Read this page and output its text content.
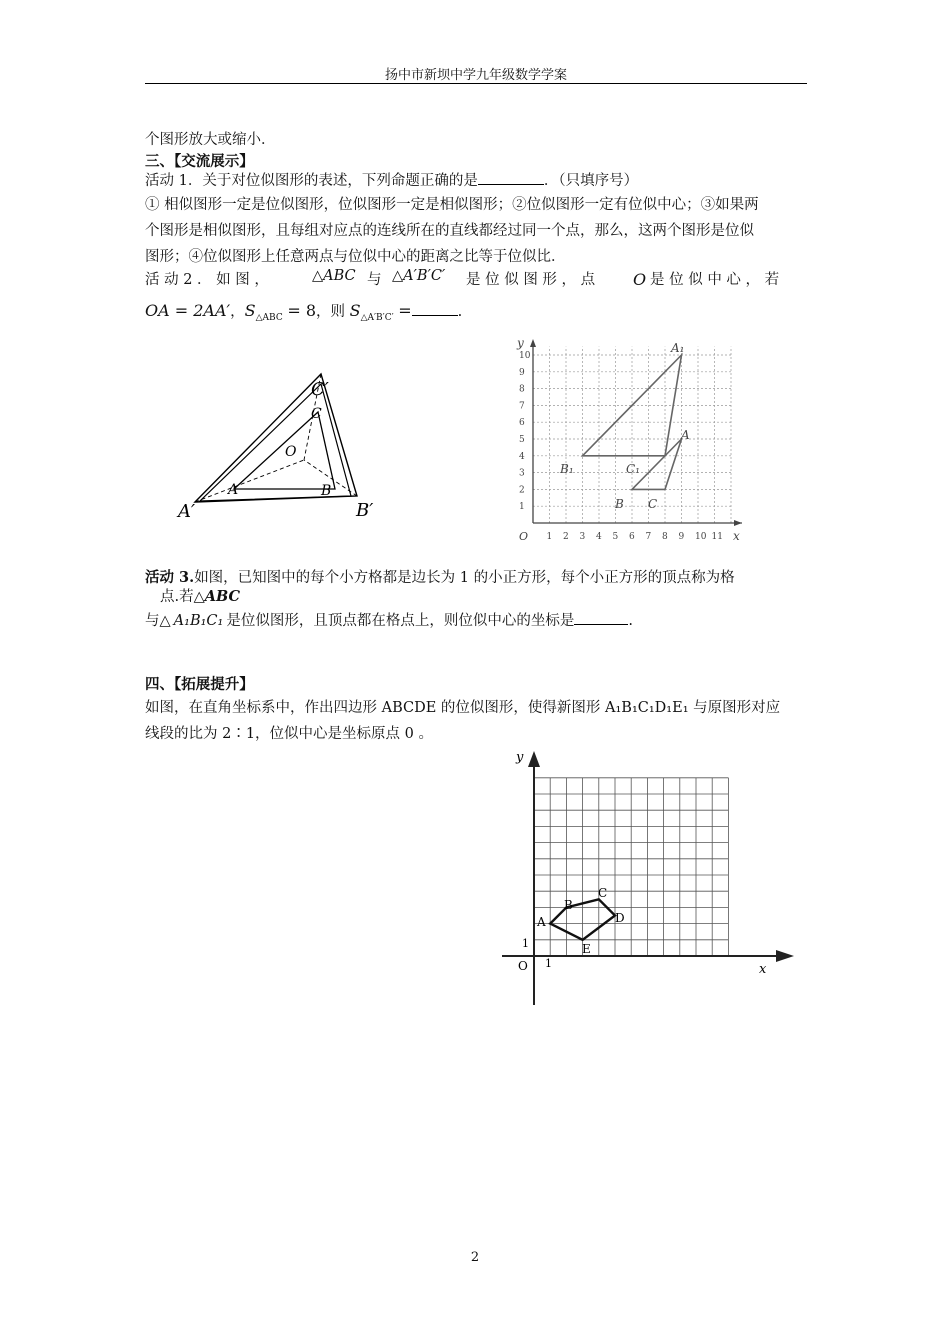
扬中市新坝中学九年级数学学案
个图形放大或缩小．
三、【交流展示】
活动 1．关于对位似图形的表述，下列命题正确的是	．（只填序号）
① 相似图形一定是位似图形，位似图形一定是相似图形；②位似图形一定有位似中心；③如果两
个图形是相似图形，且每组对应点的连线所在的直线都经过同一个点，那么，这两个图形是位似
图形；④位似图形上任意两点与位似中心的距离之比等于位似比．
活 动 2 ． 如 图 ，	△ABC 与 △A′B′C′ 是 位 似 图 形 ， 点 O 是 位 似 中 心 ， 若
OA = 2AA′，$S_{\triangle ABC} = 8$，则 $S_{\triangle A'B'C'}$ =	.
A	B
C
O
A′	B′
C′
y
x
O 1 2 3 4 5 6 7 8 9 10 11
1
2
3
4
5
6
7
8
9
10
A₁
B₁	C₁
A
B C
活动 3.如图，已知图中的每个小方格都是边长为 1 的小正方形，每个小正方形的顶点称为格
点.若△ABC
与△ A₁B₁C₁ 是位似图形，且顶点都在格点上，则位似中心的坐标是	.
四、【拓展提升】
如图，在直角坐标系中，作出四边形 ABCDE 的位似图形，使得新图形 A₁B₁C₁D₁E₁ 与原图形对应
线段的比为 2∶1，位似中心是坐标原点 0 。
y
x
O 1
1
A
B
C
D
E
2
